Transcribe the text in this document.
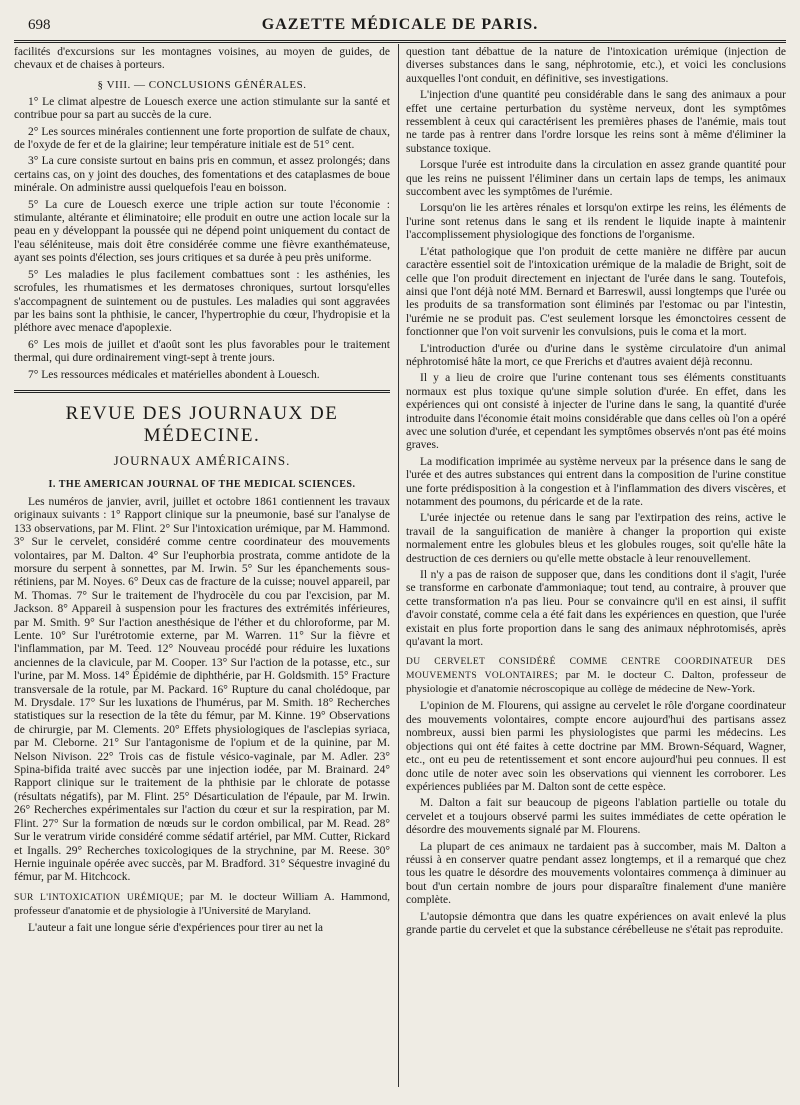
698	GAZETTE MÉDICALE DE PARIS.

facilités d'excursions sur les montagnes voisines, au moyen de guides, de chevaux et de chaises à porteurs.

§ VIII. — CONCLUSIONS GÉNÉRALES.

1° Le climat alpestre de Louesch exerce une action stimulante sur la santé et contribue pour sa part au succès de la cure.

2° Les sources minérales contiennent une forte proportion de sulfate de chaux, de l'oxyde de fer et de la glairine; leur température initiale est de 51° cent.

3° La cure consiste surtout en bains pris en commun, et assez prolongés; dans certains cas, on y joint des douches, des fomentations et des cataplasmes de boue minérale. On administre aussi quelquefois l'eau en boisson.

5° La cure de Louesch exerce une triple action sur toute l'économie : stimulante, altérante et éliminatoire; elle produit en outre une action locale sur la peau en y développant la poussée qui ne dépend point uniquement du contact de l'eau séléniteuse, mais doit être considérée comme une fièvre exanthémateuse, ayant ses points d'élection, ses jours critiques et sa durée à peu près uniforme.

5° Les maladies le plus facilement combattues sont : les asthénies, les scrofules, les rhumatismes et les dermatoses chroniques, surtout lorsqu'elles s'accompagnent de suintement ou de pustules. Les maladies qui sont aggravées par les bains sont la phthisie, le cancer, l'hypertrophie du cœur, l'hydropisie et la pléthore avec menace d'apoplexie.

6° Les mois de juillet et d'août sont les plus favorables pour le traitement thermal, qui dure ordinairement vingt-sept à trente jours.

7° Les ressources médicales et matérielles abondent à Louesch.

REVUE DES JOURNAUX DE MÉDECINE.
JOURNAUX AMÉRICAINS.
I. THE AMERICAN JOURNAL OF THE MEDICAL SCIENCES.

Les numéros de janvier, avril, juillet et octobre 1861 contiennent les travaux originaux suivants : 1° Rapport clinique sur la pneumonie, basé sur l'analyse de 133 observations, par M. Flint. 2° Sur l'intoxication urémique, par M. Hammond. 3° Sur le cervelet, considéré comme centre coordinateur des mouvements volontaires, par M. Dalton. 4° Sur l'euphorbia prostrata, comme antidote de la morsure du serpent à sonnettes, par M. Irwin. 5° Sur les épanchements sous-rétiniens, par M. Noyes. 6° Deux cas de fracture de la cuisse; nouvel appareil, par M. Thomas. 7° Sur le traitement de l'hydrocèle du cou par l'excision, par M. Jackson. 8° Appareil à suspension pour les fractures des extrémités inférieures, par M. Smith. 9° Sur l'action anesthésique de l'éther et du chloroforme, par M. Lente. 10° Sur l'urétrotomie externe, par M. Warren. 11° Sur la fièvre et l'inflammation, par M. Teed. 12° Nouveau procédé pour réduire les luxations anciennes de la clavicule, par M. Cooper. 13° Sur l'action de la potasse, etc., sur l'urine, par M. Moss. 14° Épidémie de diphthérie, par H. Goldsmith. 15° Fracture transversale de la rotule, par M. Packard. 16° Rupture du canal cholédoque, par M. Drysdale. 17° Sur les luxations de l'humérus, par M. Smith. 18° Recherches statistiques sur la resection de la tête du fémur, par M. Kinne. 19° Observations de chirurgie, par M. Clements. 20° Effets physiologiques de l'asclepias syriaca, par M. Cleborne. 21° Sur l'antagonisme de l'opium et de la quinine, par M. Nelson Nivison. 22° Trois cas de fistule vésico-vaginale, par M. Adler. 23° Spina-bifida traité avec succès par une injection iodée, par M. Brainard. 24° Rapport clinique sur le traitement de la phthisie par le chlorate de potasse (résultats négatifs), par M. Flint. 25° Désarticulation de l'épaule, par M. Irwin. 26° Recherches expérimentales sur l'action du cœur et sur la respiration, par M. Flint. 27° Sur la formation de nœuds sur le cordon ombilical, par M. Read. 28° Sur le veratrum viride considéré comme sédatif artériel, par MM. Cutter, Rickard et Ingalls. 29° Recherches toxicologiques de la strychnine, par M. Reese. 30° Hernie inguinale opérée avec succès, par M. Bradford. 31° Séquestre invaginé du fémur, par M. Hitchcock.

SUR L'INTOXICATION URÉMIQUE; par M. le docteur William A. Hammond, professeur d'anatomie et de physiologie à l'Université de Maryland.

L'auteur a fait une longue série d'expériences pour tirer au net la

question tant débattue de la nature de l'intoxication urémique (injection de diverses substances dans le sang, néphrotomie, etc.), et voici les conclusions auxquelles l'ont conduit, en définitive, ses investigations.

L'injection d'une quantité peu considérable dans le sang des animaux a pour effet une certaine perturbation du système nerveux, dont les symptômes ressemblent à ceux qui caractérisent les premières phases de l'anémie, mais tout ne tarde pas à rentrer dans l'ordre lorsque les reins sont à même d'éliminer la substance toxique.

Lorsque l'urée est introduite dans la circulation en assez grande quantité pour que les reins ne puissent l'éliminer dans un certain laps de temps, les animaux succombent avec les symptômes de l'urémie.

Lorsqu'on lie les artères rénales et lorsqu'on extirpe les reins, les éléments de l'urine sont retenus dans le sang et ils rendent le liquide inapte à maintenir l'accomplissement physiologique des fonctions de l'organisme.

L'état pathologique que l'on produit de cette manière ne diffère par aucun caractère essentiel soit de l'intoxication urémique de la maladie de Bright, soit de celle que l'on produit directement en injectant de l'urée dans le sang. Toutefois, ainsi que l'ont déjà noté MM. Bernard et Barreswil, aussi longtemps que l'urée ou les produits de sa transformation sont éliminés par l'estomac ou par l'intestin, l'urémie ne se produit pas. C'est seulement lorsque les émonctoires cessent de fonctionner que l'on voit survenir les convulsions, puis le coma et la mort.

L'introduction d'urée ou d'urine dans le système circulatoire d'un animal néphrotomisé hâte la mort, ce que Frerichs et d'autres avaient déjà reconnu.

Il y a lieu de croire que l'urine contenant tous ses éléments constituants normaux est plus toxique qu'une simple solution d'urée. En effet, dans les expériences qui ont consisté à injecter de l'urine dans le sang, la quantité d'urée introduite dans l'économie était moins considérable que dans celles où l'on a opéré avec une solution d'urée, et cependant les symptômes observés n'ont pas été moins graves.

La modification imprimée au système nerveux par la présence dans le sang de l'urée et des autres substances qui entrent dans la composition de l'urine constitue une forte prédisposition à la congestion et à l'inflammation des divers viscères, et notamment des poumons, du péricarde et de la rate.

L'urée injectée ou retenue dans le sang par l'extirpation des reins, active le travail de la sanguification de manière à changer la proportion qui existe normalement entre les globules bleus et les globules rouges, soit qu'elle hâte la destruction de ces derniers ou qu'elle mette obstacle à leur renouvellement.

Il n'y a pas de raison de supposer que, dans les conditions dont il s'agit, l'urée se transforme en carbonate d'ammoniaque; tout tend, au contraire, à prouver que cette transformation n'a pas lieu. Pour se convaincre qu'il en est ainsi, il suffit d'avoir constaté, comme cela a été fait dans les expériences en question, que l'urée existait en plus forte proportion dans le sang des animaux néphrotomisés, après qu'avant la mort.

DU CERVELET CONSIDÉRÉ COMME CENTRE COORDINATEUR DES MOUVEMENTS VOLONTAIRES; par M. le docteur C. Dalton, professeur de physiologie et d'anatomie nécroscopique au collège de médecine de New-York.

L'opinion de M. Flourens, qui assigne au cervelet le rôle d'organe coordinateur des mouvements volontaires, compte encore aujourd'hui des partisans assez nombreux, aussi bien parmi les physiologistes que parmi les médecins. Les objections qui ont été faites à cette doctrine par MM. Brown-Séquard, Wagner, etc., ont eu peu de retentissement et sont encore aujourd'hui peu connues. Il est donc utile de noter avec soin les observations qui viennent les corroborer. Les expériences publiées par M. Dalton sont de cette espèce.

M. Dalton a fait sur beaucoup de pigeons l'ablation partielle ou totale du cervelet et a toujours observé parmi les suites immédiates de cette opération le désordre des mouvements signalé par M. Flourens.

La plupart de ces animaux ne tardaient pas à succomber, mais M. Dalton a réussi à en conserver quatre pendant assez longtemps, et il a remarqué que chez tous les quatre le désordre des mouvements volontaires commença à diminuer au bout d'un certain nombre de jours pour disparaître finalement d'une manière complète.

L'autopsie démontra que dans les quatre expériences on avait enlevé la plus grande partie du cervelet et que la substance cérébelleuse ne s'était pas reproduite.
